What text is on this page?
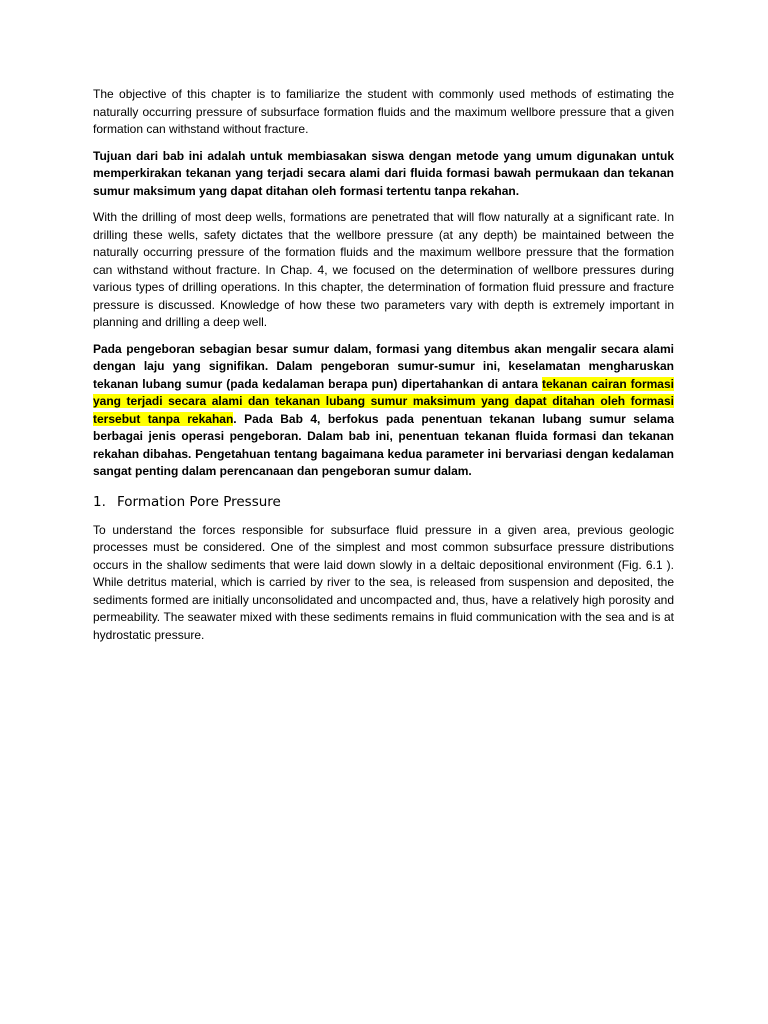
The objective of this chapter is to familiarize the student with commonly used methods of estimating the naturally occurring pressure of subsurface formation fluids and the maximum wellbore pressure that a given formation can withstand without fracture.

Tujuan dari bab ini adalah untuk membiasakan siswa dengan metode yang umum digunakan untuk memperkirakan tekanan yang terjadi secara alami dari fluida formasi bawah permukaan dan tekanan sumur maksimum yang dapat ditahan oleh formasi tertentu tanpa rekahan.

With the drilling of most deep wells, formations are penetrated that will flow naturally at a significant rate. In drilling these wells, safety dictates that the wellbore pressure (at any depth) be maintained between the naturally occurring pressure of the formation fluids and the maximum wellbore pressure that the formation can withstand without fracture. In Chap. 4, we focused on the determination of wellbore pressures during various types of drilling operations. In this chapter, the determination of formation fluid pressure and fracture pressure is discussed. Knowledge of how these two parameters vary with depth is extremely important in planning and drilling a deep well.

Pada pengeboran sebagian besar sumur dalam, formasi yang ditembus akan mengalir secara alami dengan laju yang signifikan. Dalam pengeboran sumur-sumur ini, keselamatan mengharuskan tekanan lubang sumur (pada kedalaman berapa pun) dipertahankan di antara tekanan cairan formasi yang terjadi secara alami dan tekanan lubang sumur maksimum yang dapat ditahan oleh formasi tersebut tanpa rekahan. Pada Bab 4, berfokus pada penentuan tekanan lubang sumur selama berbagai jenis operasi pengeboran. Dalam bab ini, penentuan tekanan fluida formasi dan tekanan rekahan dibahas. Pengetahuan tentang bagaimana kedua parameter ini bervariasi dengan kedalaman sangat penting dalam perencanaan dan pengeboran sumur dalam.

1. Formation Pore Pressure

To understand the forces responsible for subsurface fluid pressure in a given area, previous geologic processes must be considered. One of the simplest and most common subsurface pressure distributions occurs in the shallow sediments that were laid down slowly in a deltaic depositional environment (Fig. 6.1 ). While detritus material, which is carried by river to the sea, is released from suspension and deposited, the sediments formed are initially unconsolidated and uncompacted and, thus, have a relatively high porosity and permeability. The seawater mixed with these sediments remains in fluid communication with the sea and is at hydrostatic pressure.
